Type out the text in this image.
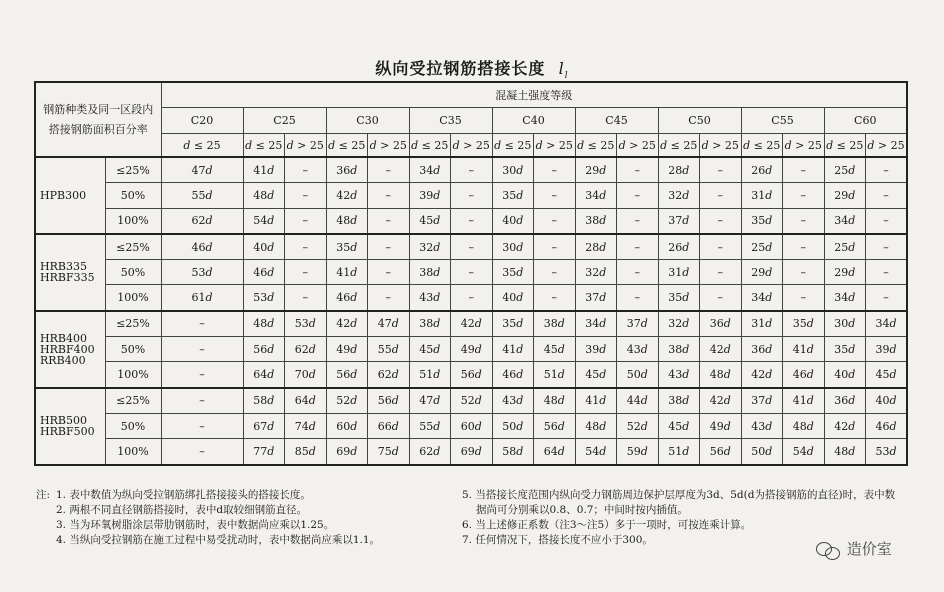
纵向受拉钢筋搭接长度 $l_l$
钢筋种类及同一区段内
搭接钢筋面积百分率		混凝土强度等级																
		C20	C25		C30		C35		C40		C45		C50		C55		C60	
		d ≤ 25	d ≤ 25	d > 25	d ≤ 25	d > 25	d ≤ 25	d > 25	d ≤ 25	d > 25	d ≤ 25	d > 25	d ≤ 25	d > 25	d ≤ 25	d > 25	d ≤ 25	d > 25
HPB300	≤25%	47d	41d	–	36d	–	34d	–	30d	–	29d	–	28d	–	26d	–	25d	–
	50%	55d	48d	–	42d	–	39d	–	35d	–	34d	–	32d	–	31d	–	29d	–
	100%	62d	54d	–	48d	–	45d	–	40d	–	38d	–	37d	–	35d	–	34d	–
HRB335
HRBF335	≤25%	46d	40d	–	35d	–	32d	–	30d	–	28d	–	26d	–	25d	–	25d	–
	50%	53d	46d	–	41d	–	38d	–	35d	–	32d	–	31d	–	29d	–	29d	–
	100%	61d	53d	–	46d	–	43d	–	40d	–	37d	–	35d	–	34d	–	34d	–
HRB400
HRBF400
RRB400	≤25%	–	48d	53d	42d	47d	38d	42d	35d	38d	34d	37d	32d	36d	31d	35d	30d	34d
	50%	–	56d	62d	49d	55d	45d	49d	41d	45d	39d	43d	38d	42d	36d	41d	35d	39d
	100%	–	64d	70d	56d	62d	51d	56d	46d	51d	45d	50d	43d	48d	42d	46d	40d	45d
HRB500
HRBF500	≤25%	–	58d	64d	52d	56d	47d	52d	43d	48d	41d	44d	38d	42d	37d	41d	36d	40d
	50%	–	67d	74d	60d	66d	55d	60d	50d	56d	48d	52d	45d	49d	43d	48d	42d	46d
	100%	–	77d	85d	69d	75d	62d	69d	58d	64d	54d	59d	51d	56d	50d	54d	48d	53d
注: 1. 表中数值为纵向受拉钢筋绑扎搭接接头的搭接长度。

2. 两根不同直径钢筋搭接时，表中d取较细钢筋直径。

3. 当为环氧树脂涂层带肋钢筋时，表中数据尚应乘以1.25。

4. 当纵向受拉钢筋在施工过程中易受扰动时，表中数据尚应乘以1.1。

5. 当搭接长度范围内纵向受力钢筋周边保护层厚度为3d、5d(d为搭接钢筋的直径)时，表中数据尚可分别乘以0.8、0.7；中间时按内插值。

6. 当上述修正系数（注3～注5）多于一项时，可按连乘计算。

7. 任何情况下，搭接长度不应小于300。	造价室
